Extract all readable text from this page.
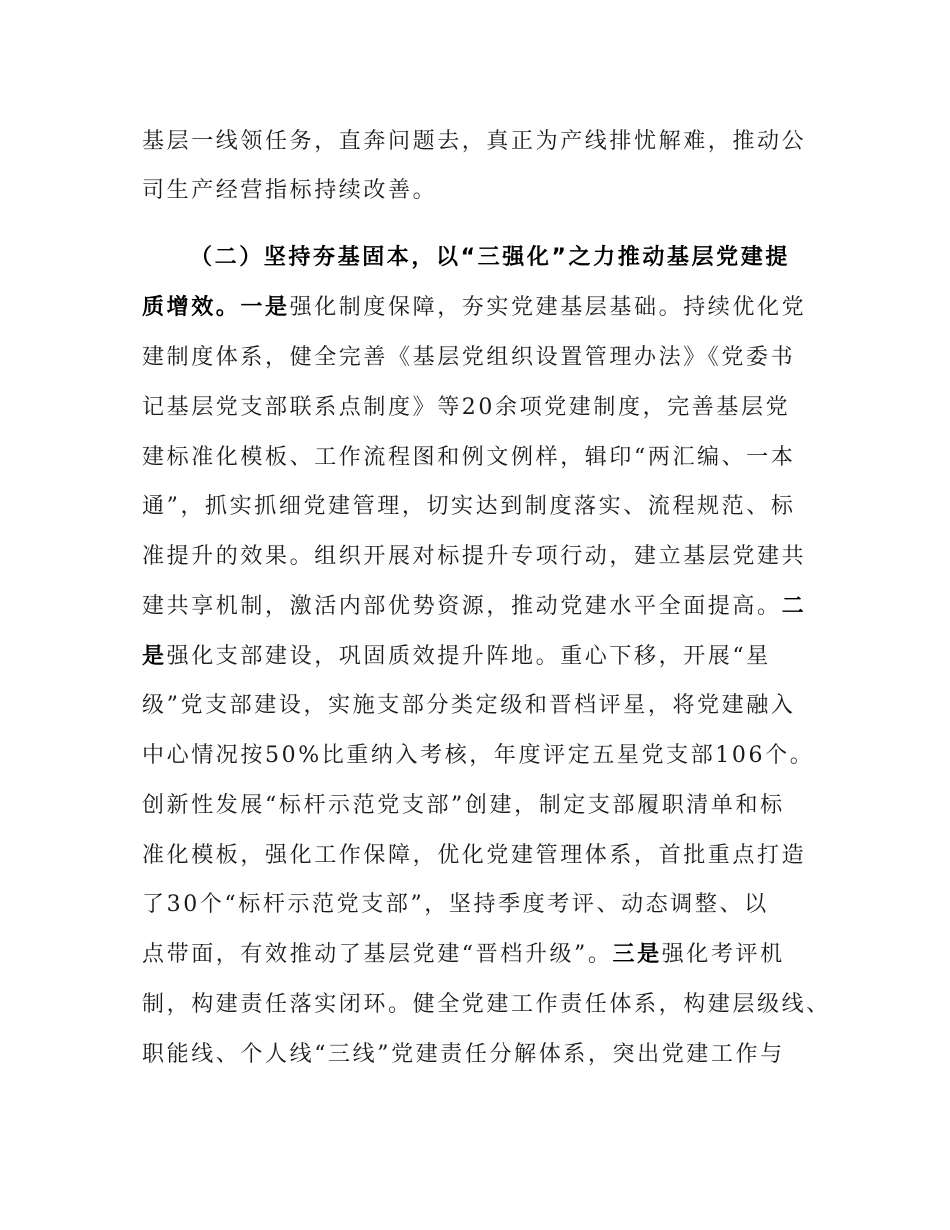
基层一线领任务，直奔问题去，真正为产线排忧解难，推动公
司生产经营指标持续改善。
（二）坚持夯基固本，以“三强化”之力推动基层党建提
质增效。一是强化制度保障，夯实党建基层基础。持续优化党
建制度体系，健全完善《基层党组织设置管理办法》《党委书
记基层党支部联系点制度》等20余项党建制度，完善基层党
建标准化模板、工作流程图和例文例样，辑印“两汇编、一本
通”，抓实抓细党建管理，切实达到制度落实、流程规范、标
准提升的效果。组织开展对标提升专项行动，建立基层党建共
建共享机制，激活内部优势资源，推动党建水平全面提高。二
是强化支部建设，巩固质效提升阵地。重心下移，开展“星
级”党支部建设，实施支部分类定级和晋档评星，将党建融入
中心情况按50%比重纳入考核，年度评定五星党支部106个。
创新性发展“标杆示范党支部”创建，制定支部履职清单和标
准化模板，强化工作保障，优化党建管理体系，首批重点打造
了30个“标杆示范党支部”，坚持季度考评、动态调整、以
点带面，有效推动了基层党建“晋档升级”。三是强化考评机
制，构建责任落实闭环。健全党建工作责任体系，构建层级线、
职能线、个人线“三线”党建责任分解体系，突出党建工作与
